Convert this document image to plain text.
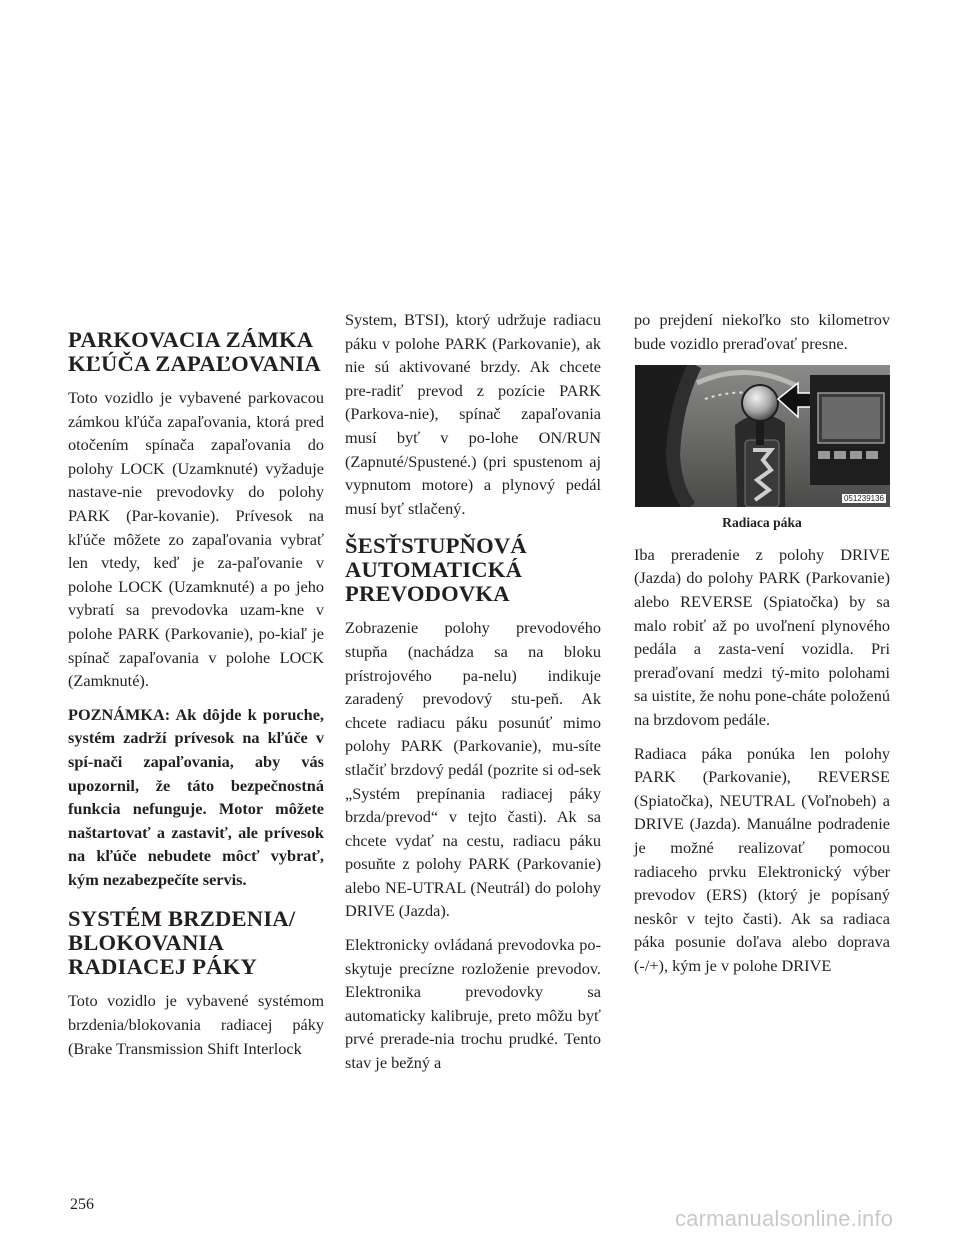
PARKOVACIA ZÁMKA KĽÚČA ZAPAĽOVANIA

Toto vozidlo je vybavené parkovacou zámkou kľúča zapaľovania, ktorá pred otočením spínača zapaľovania do polohy LOCK (Uzamknuté) vyžaduje nastave-nie prevodovky do polohy PARK (Par-kovanie). Prívesok na kľúče môžete zo zapaľovania vybrať len vtedy, keď je za-paľovanie v polohe LOCK (Uzamknuté) a po jeho vybratí sa prevodovka uzam-kne v polohe PARK (Parkovanie), po-kiaľ je spínač zapaľovania v polohe LOCK (Zamknuté).

POZNÁMKA: Ak dôjde k poruche, systém zadrží prívesok na kľúče v spí-nači zapaľovania, aby vás upozornil, že táto bezpečnostná funkcia nefunguje. Motor môžete naštartovať a zastaviť, ale prívesok na kľúče nebudete môcť vybrať, kým nezabezpečíte servis.

SYSTÉM BRZDENIA/ BLOKOVANIA RADIACEJ PÁKY

Toto vozidlo je vybavené systémom brzdenia/blokovania radiacej páky (Brake Transmission Shift Interlock

System, BTSI), ktorý udržuje radiacu páku v polohe PARK (Parkovanie), ak nie sú aktivované brzdy. Ak chcete pre-radiť prevod z pozície PARK (Parkova-nie), spínač zapaľovania musí byť v po-lohe ON/RUN (Zapnuté/Spustené.) (pri spustenom aj vypnutom motore) a plynový pedál musí byť stlačený.

ŠESŤSTUPŇOVÁ AUTOMATICKÁ PREVODOVKA

Zobrazenie polohy prevodového stupňa (nachádza sa na bloku prístrojového pa-nelu) indikuje zaradený prevodový stu-peň. Ak chcete radiacu páku posunúť mimo polohy PARK (Parkovanie), mu-síte stlačiť brzdový pedál (pozrite si od-sek „Systém prepínania radiacej páky brzda/prevod“ v tejto časti). Ak sa chcete vydať na cestu, radiacu páku posuňte z polohy PARK (Parkovanie) alebo NE-UTRAL (Neutrál) do polohy DRIVE (Jazda).

Elektronicky ovládaná prevodovka po-skytuje precízne rozloženie prevodov. Elektronika prevodovky sa automaticky kalibruje, preto môžu byť prvé prerade-nia trochu prudké. Tento stav je bežný a

po prejdení niekoľko sto kilometrov bude vozidlo preraďovať presne.

051239136
Radiaca páka

Iba preradenie z polohy DRIVE (Jazda) do polohy PARK (Parkovanie) alebo REVERSE (Spiatočka) by sa malo robiť až po uvoľnení plynového pedála a zasta-vení vozidla. Pri preraďovaní medzi tý-mito polohami sa uistite, že nohu pone-cháte položenú na brzdovom pedále.

Radiaca páka ponúka len polohy PARK (Parkovanie), REVERSE (Spiatočka), NEUTRAL (Voľnobeh) a DRIVE (Jazda). Manuálne podradenie je možné realizovať pomocou radiaceho prvku Elektronický výber prevodov (ERS) (ktorý je popísaný neskôr v tejto časti). Ak sa radiaca páka posunie doľava alebo doprava (-/+), kým je v polohe DRIVE

256
carmanualsonline.info
